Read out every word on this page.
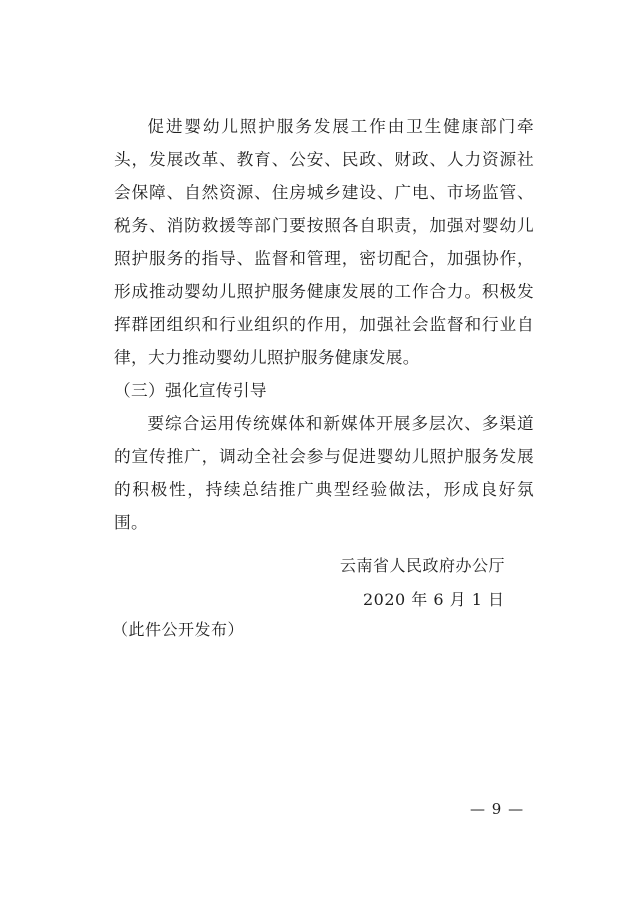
促进婴幼儿照护服务发展工作由卫生健康部门牵头，发展改革、教育、公安、民政、财政、人力资源社会保障、自然资源、住房城乡建设、广电、市场监管、税务、消防救援等部门要按照各自职责，加强对婴幼儿照护服务的指导、监督和管理，密切配合，加强协作，形成推动婴幼儿照护服务健康发展的工作合力。积极发挥群团组织和行业组织的作用，加强社会监督和行业自律，大力推动婴幼儿照护服务健康发展。

（三）强化宣传引导

要综合运用传统媒体和新媒体开展多层次、多渠道的宣传推广，调动全社会参与促进婴幼儿照护服务发展的积极性，持续总结推广典型经验做法，形成良好氛围。

云南省人民政府办公厅
2020 年 6 月 1 日
（此件公开发布）
— 9 —
